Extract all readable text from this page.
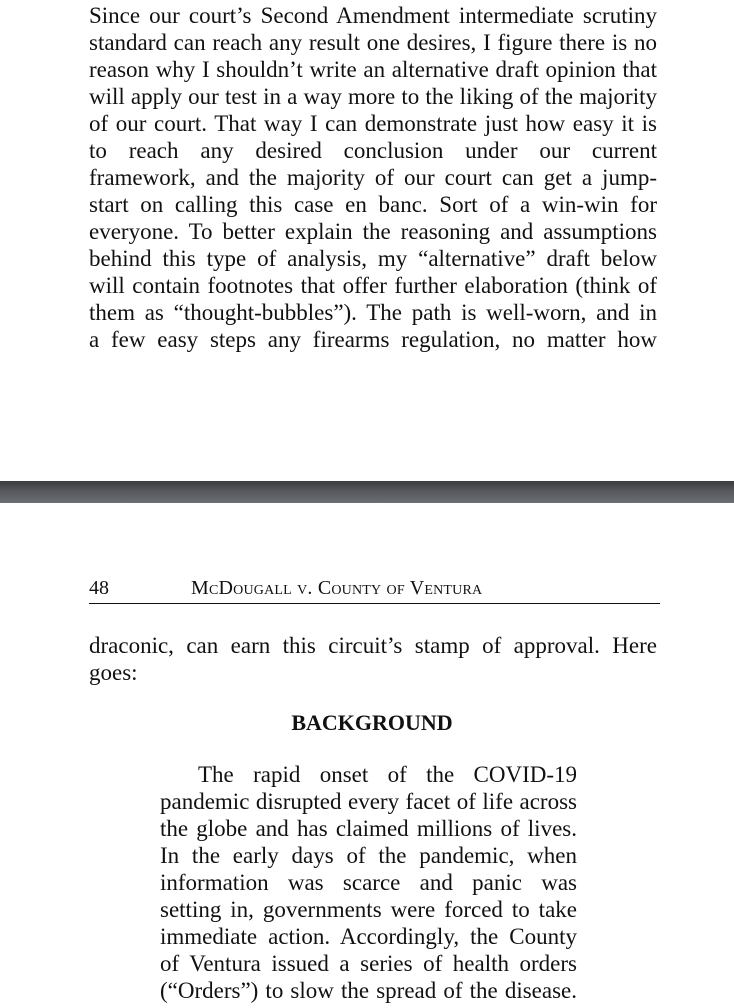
Since our court’s Second Amendment intermediate scrutiny
standard can reach any result one desires, I figure there is no
reason why I shouldn’t write an alternative draft opinion that
will apply our test in a way more to the liking of the majority
of our court. That way I can demonstrate just how easy it is
to reach any desired conclusion under our current
framework, and the majority of our court can get a jump-
start on calling this case en banc. Sort of a win-win for
everyone. To better explain the reasoning and assumptions
behind this type of analysis, my “alternative” draft below
will contain footnotes that offer further elaboration (think of
them as “thought-bubbles”). The path is well-worn, and in
a few easy steps any firearms regulation, no matter how
48	McDougall v. County of Ventura
draconic, can earn this circuit’s stamp of approval. Here
goes:
BACKGROUND
The rapid onset of the COVID-19
pandemic disrupted every facet of life across
the globe and has claimed millions of lives.
In the early days of the pandemic, when
information was scarce and panic was
setting in, governments were forced to take
immediate action. Accordingly, the County
of Ventura issued a series of health orders
(“Orders”) to slow the spread of the disease.
